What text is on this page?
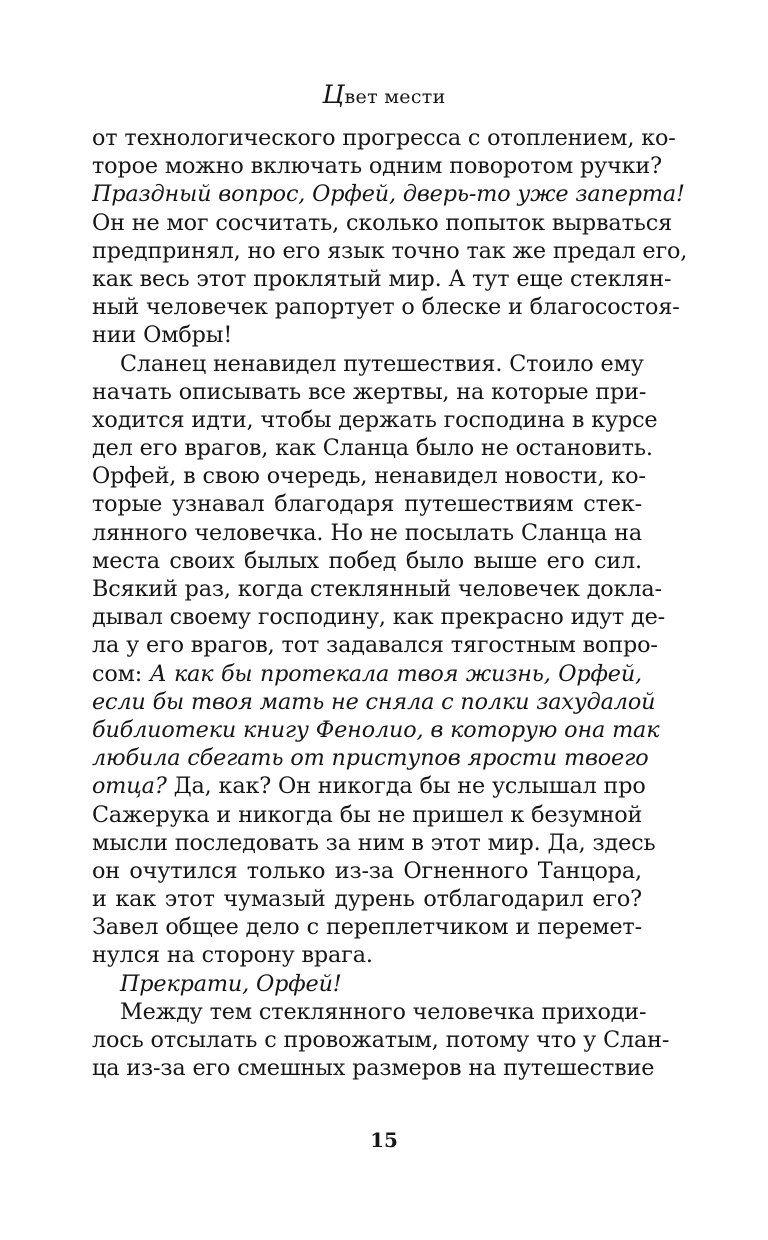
Цвет мести
от технологического прогресса с отоплением, ко-
торое можно включать одним поворотом ручки?
Праздный вопрос, Орфей, дверь-то уже заперта!
Он не мог сосчитать, сколько попыток вырваться
предпринял, но его язык точно так же предал его,
как весь этот проклятый мир. А тут еще стеклян-
ный человечек рапортует о блеске и благосостоя-
нии Омбры!
Сланец ненавидел путешествия. Стоило ему
начать описывать все жертвы, на которые при-
ходится идти, чтобы держать господина в курсе
дел его врагов, как Сланца было не остановить.
Орфей, в свою очередь, ненавидел новости, ко-
торые узнавал благодаря путешествиям стек-
лянного человечка. Но не посылать Сланца на
места своих былых побед было выше его сил.
Всякий раз, когда стеклянный человечек докла-
дывал своему господину, как прекрасно идут де-
ла у его врагов, тот задавался тягостным вопро-
сом: А как бы протекала твоя жизнь, Орфей,
если бы твоя мать не сняла с полки захудалой
библиотеки книгу Фенолио, в которую она так
любила сбегать от приступов ярости твоего
отца? Да, как? Он никогда бы не услышал про
Сажерука и никогда бы не пришел к безумной
мысли последовать за ним в этот мир. Да, здесь
он очутился только из-за Огненного Танцора,
и как этот чумазый дурень отблагодарил его?
Завел общее дело с переплетчиком и перемет-
нулся на сторону врага.
Прекрати, Орфей!
Между тем стеклянного человечка приходи-
лось отсылать с провожатым, потому что у Слан-
ца из-за его смешных размеров на путешествие
15
